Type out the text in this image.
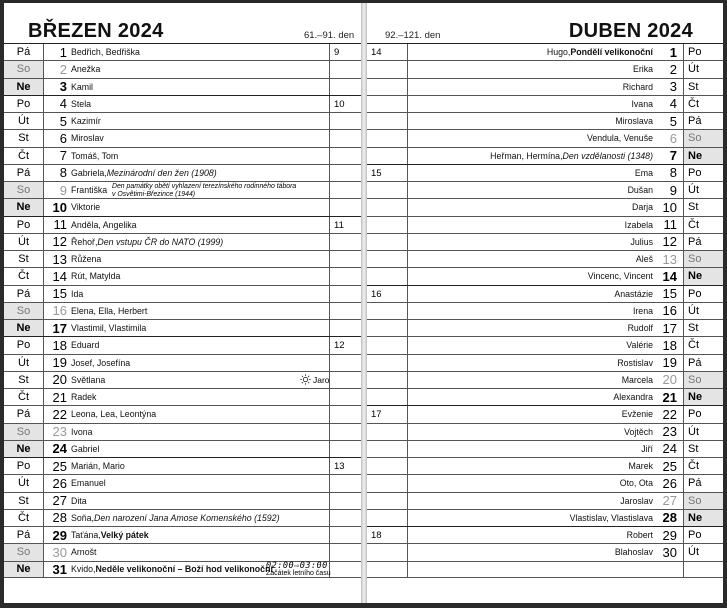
BŘEZEN 2024	61.–91. den
Pá	1 Bedřich, Bedřiška	9
So	2 Anežka
Ne	3 Kamil
Po	4 Stela	10
Út	5 Kazimír
St	6 Miroslav
Čt	7 Tomáš, Tom
Pá	8 Gabriela, Mezinárodní den žen (1908)
So	9 Františka Den památky obětí vyhlazení terezínského rodinného tábora
v Osvětimi-Březince (1944)
Ne	10 Viktorie
Po	11 Anděla, Angelika	11
Út	12 Řehoř, Den vstupu ČR do NATO (1999)
St	13 Růžena
Čt	14 Rút, Matylda
Pá	15 Ida
So	16 Elena, Ella, Herbert
Ne	17 Vlastimil, Vlastimila
Po	18 Eduard	12
Út	19 Josef, Josefína
St	20 Světlana	Jaro
Čt	21 Radek
Pá	22 Leona, Lea, Leontýna
So	23 Ivona
Ne	24 Gabriel
Po	25 Marián, Mario	13
Út	26 Emanuel
St	27 Dita
Čt	28 Soňa, Den narození Jana Amose Komenského (1592)
Pá	29 Taťána, Velký pátek
So	30 Arnošt
Ne	31 Kvido, Neděle velikonoční – Boží hod velikonoční
02:00⇨03:00
Začátek letního času
DUBEN 2024
92.–121. den
14	Hugo, Pondělí velikonoční	1	Po
Erika	2	Út
Richard	3	St
Ivana	4	Čt
Miroslava	5	Pá
Vendula, Venuše	6	So
Heřman, Hermína, Den vzdělanosti (1348)	7	Ne
15	Ema	8	Po
Dušan	9	Út
Darja 10	St
Izabela 11	Čt
Julius 12	Pá
Aleš 13	So
Vincenc, Vincent 14	Ne
16	Anastázie 15	Po
Irena 16	Út
Rudolf 17	St
Valérie 18	Čt
Rostislav 19	Pá
Marcela 20	So
Alexandra 21	Ne
17	Evženie 22	Po
Vojtěch 23	Út
Jiří 24	St
Marek 25	Čt
Oto, Ota 26	Pá
Jaroslav 27	So
Vlastislav, Vlastislava 28	Ne
18	Robert 29	Po
Blahoslav 30	Út
